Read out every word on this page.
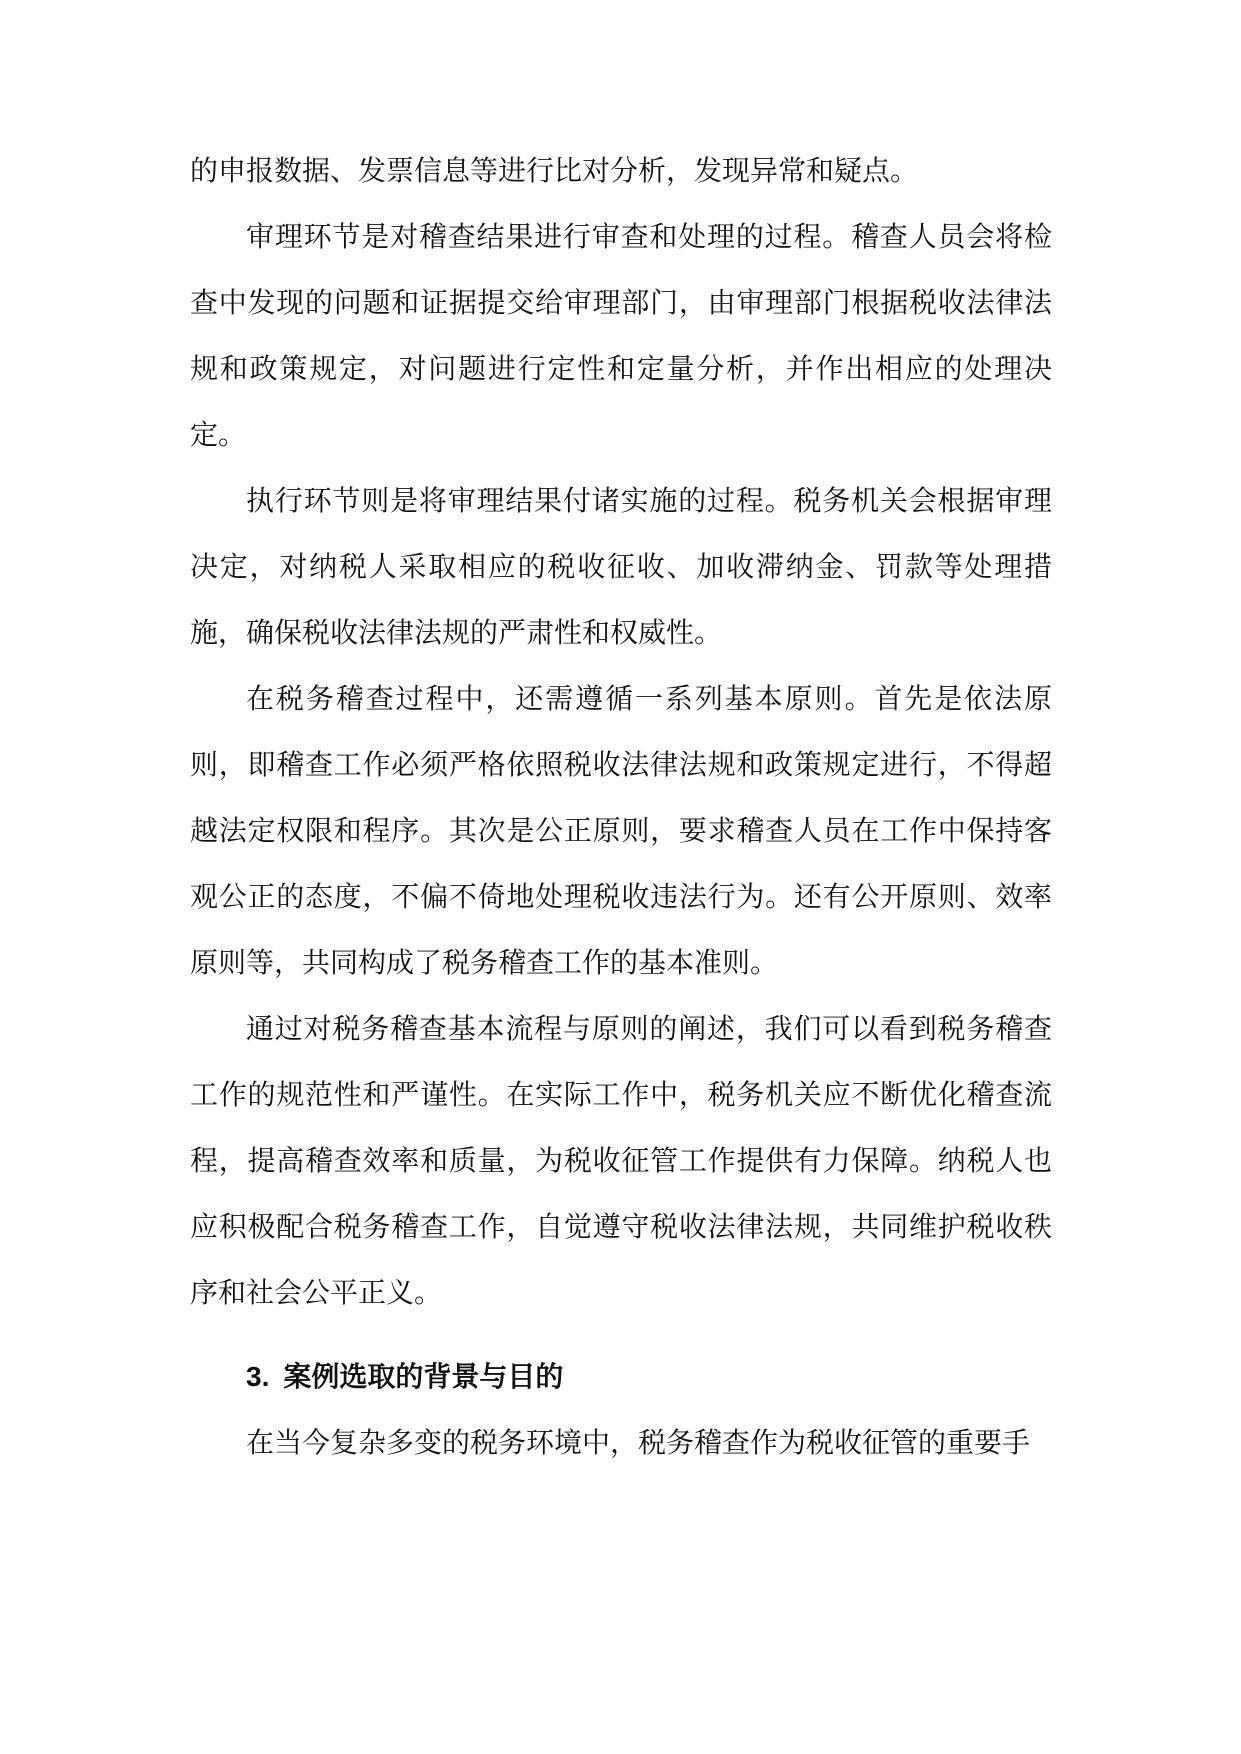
的申报数据、发票信息等进行比对分析，发现异常和疑点。

审理环节是对稽查结果进行审查和处理的过程。稽查人员会将检查中发现的问题和证据提交给审理部门，由审理部门根据税收法律法规和政策规定，对问题进行定性和定量分析，并作出相应的处理决定。

执行环节则是将审理结果付诸实施的过程。税务机关会根据审理决定，对纳税人采取相应的税收征收、加收滞纳金、罚款等处理措施，确保税收法律法规的严肃性和权威性。

在税务稽查过程中，还需遵循一系列基本原则。首先是依法原则，即稽查工作必须严格依照税收法律法规和政策规定进行，不得超越法定权限和程序。其次是公正原则，要求稽查人员在工作中保持客观公正的态度，不偏不倚地处理税收违法行为。还有公开原则、效率原则等，共同构成了税务稽查工作的基本准则。

通过对税务稽查基本流程与原则的阐述，我们可以看到税务稽查工作的规范性和严谨性。在实际工作中，税务机关应不断优化稽查流程，提高稽查效率和质量，为税收征管工作提供有力保障。纳税人也应积极配合税务稽查工作，自觉遵守税收法律法规，共同维护税收秩序和社会公平正义。

3. 案例选取的背景与目的

在当今复杂多变的税务环境中，税务稽查作为税收征管的重要手
